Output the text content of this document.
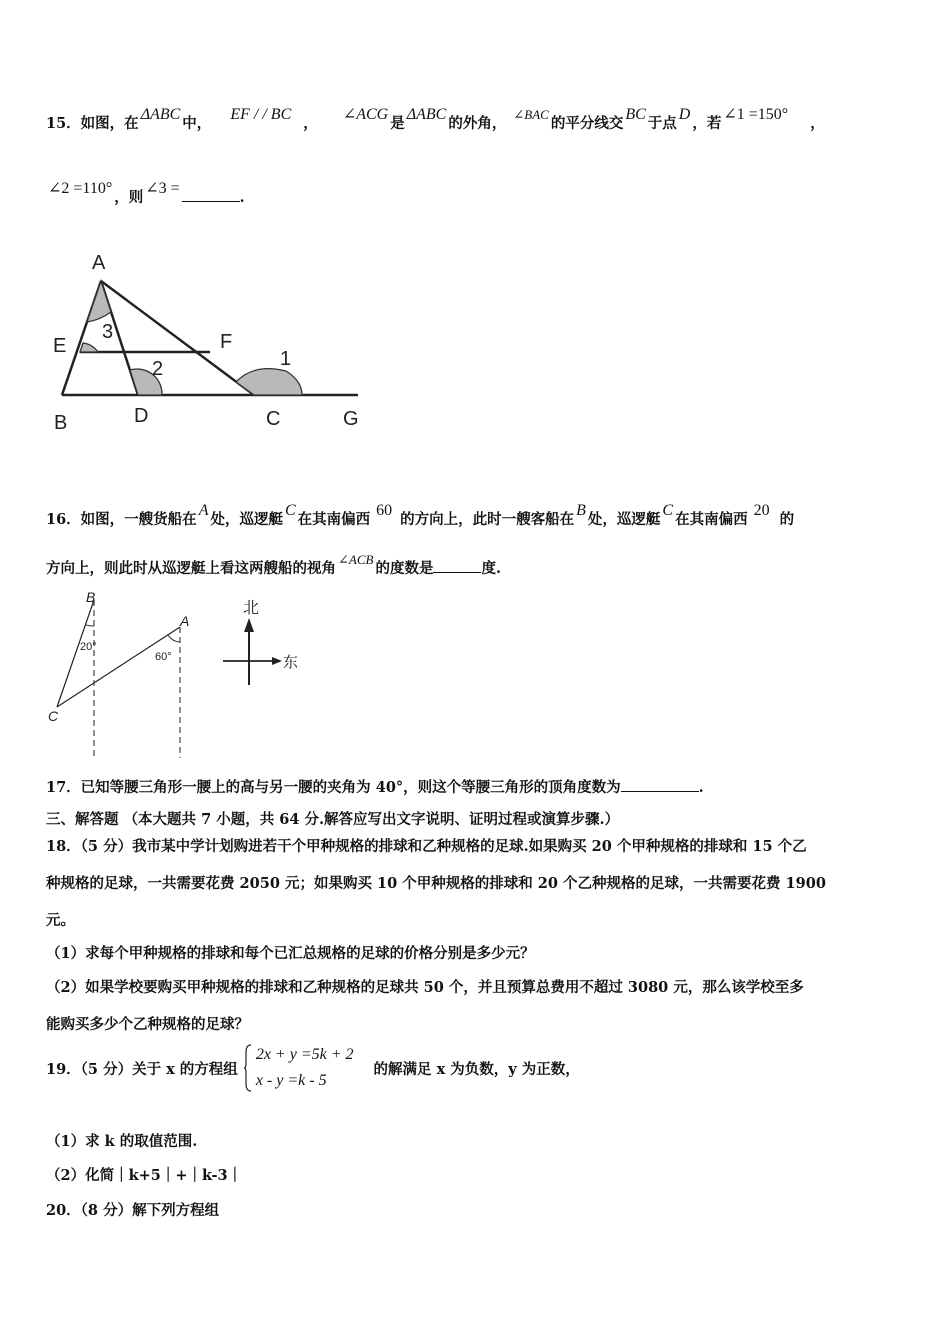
15．如图，在ΔABC中， EF / / BC， ∠ACG是ΔABC的外角， ∠BAC的平分线交BC于点D，若∠1 =150°，
∠2 =110°，则∠3 =.
A
E	F
B	D	C	G
1
2
3
16．如图，一艘货船在A处，巡逻艇C在其南偏西60的方向上，此时一艘客船在B处，巡逻艇C在其南偏西20的
方向上，则此时从巡逻艇上看这两艘船的视角∠ACB的度数是	度.
B
A
C
20°
60°
北
东
17．已知等腰三角形一腰上的高与另一腰的夹角为 40°，则这个等腰三角形的顶角度数为	.
三、解答题 （本大题共 7 小题，共 64 分.解答应写出文字说明、证明过程或演算步骤.）
18．（5 分）我市某中学计划购进若干个甲种规格的排球和乙种规格的足球.如果购买 20 个甲种规格的排球和 15 个乙
种规格的足球，一共需要花费 2050 元；如果购买 10 个甲种规格的排球和 20 个乙种规格的足球，一共需要花费 1900
元。
（1）求每个甲种规格的排球和每个已汇总规格的足球的价格分别是多少元？
（2）如果学校要购买甲种规格的排球和乙种规格的足球共 50 个，并且预算总费用不超过 3080 元，那么该学校至多
能购买多少个乙种规格的足球？
19．（5 分）关于 x 的方程组
2x + y =5k + 2
x - y =k - 5
的解满足 x 为负数，y 为正数，
（1）求 k 的取值范围.
（2）化简｜k+5｜+｜k-3｜
20．（8 分）解下列方程组
